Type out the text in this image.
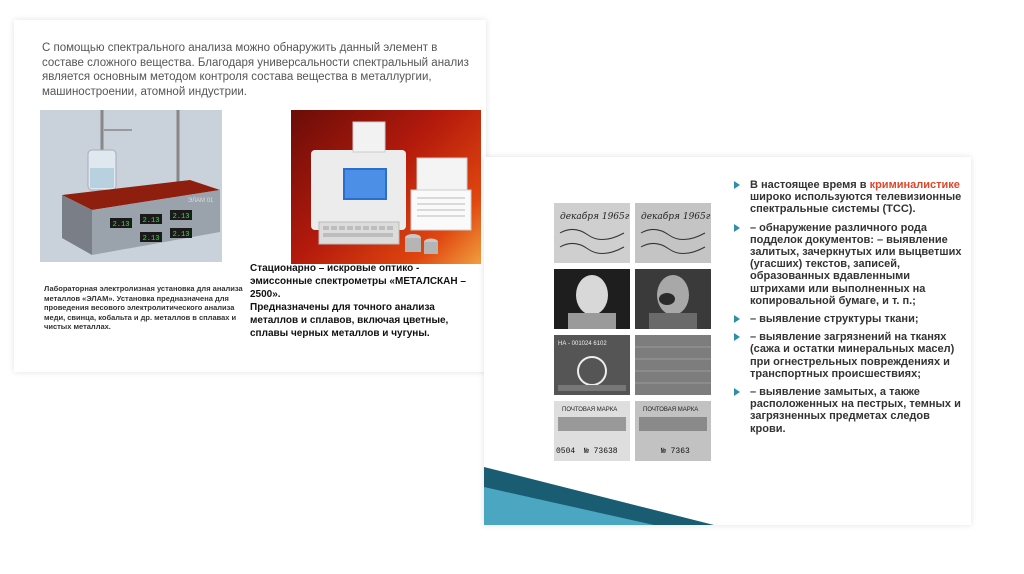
С помощью спектрального анализа можно обнаружить данный элемент в составе сложного вещества. Благодаря универсальности спектральный анализ является основным методом контроля состава вещества в металлургии, машиностроении, атомной индустрии.
2.13 2.13 2.13
2.13 2.13
ЭЛАМ 01
Лабораторная электролизная установка для анализа металлов «ЭЛАМ». Установка предназначена для проведения весового электролитического анализа меди, свинца, кобальта и др. металлов в сплавах и чистых металлах.
Стационарно – искровые оптико - эмиссонные спектрометры «МЕТАЛСКАН –2500».
Предназначены для точного анализа металлов и сплавов, включая цветные, сплавы черных металлов и чугуны.
декабря 1965г декабря 1965г
НА - 001024 6102
ПОЧТОВАЯ МАРКА
0504 № 73638
ПОЧТОВАЯ МАРКА
№ 7363
В настоящее время в криминалистике широко используются телевизионные спектральные системы (ТСС).
– обнаружение различного рода подделок документов: – выявление залитых, зачеркнутых или выцветших (угасших) текстов, записей, образованных вдавленными штрихами или выполненных на копировальной бумаге, и т. п.;
– выявление структуры ткани;
– выявление загрязнений на тканях (сажа и остатки минеральных масел) при огнестрельных повреждениях и транспортных происшествиях;
– выявление замытых, а также расположенных на пестрых, темных и загрязненных предметах следов крови.
